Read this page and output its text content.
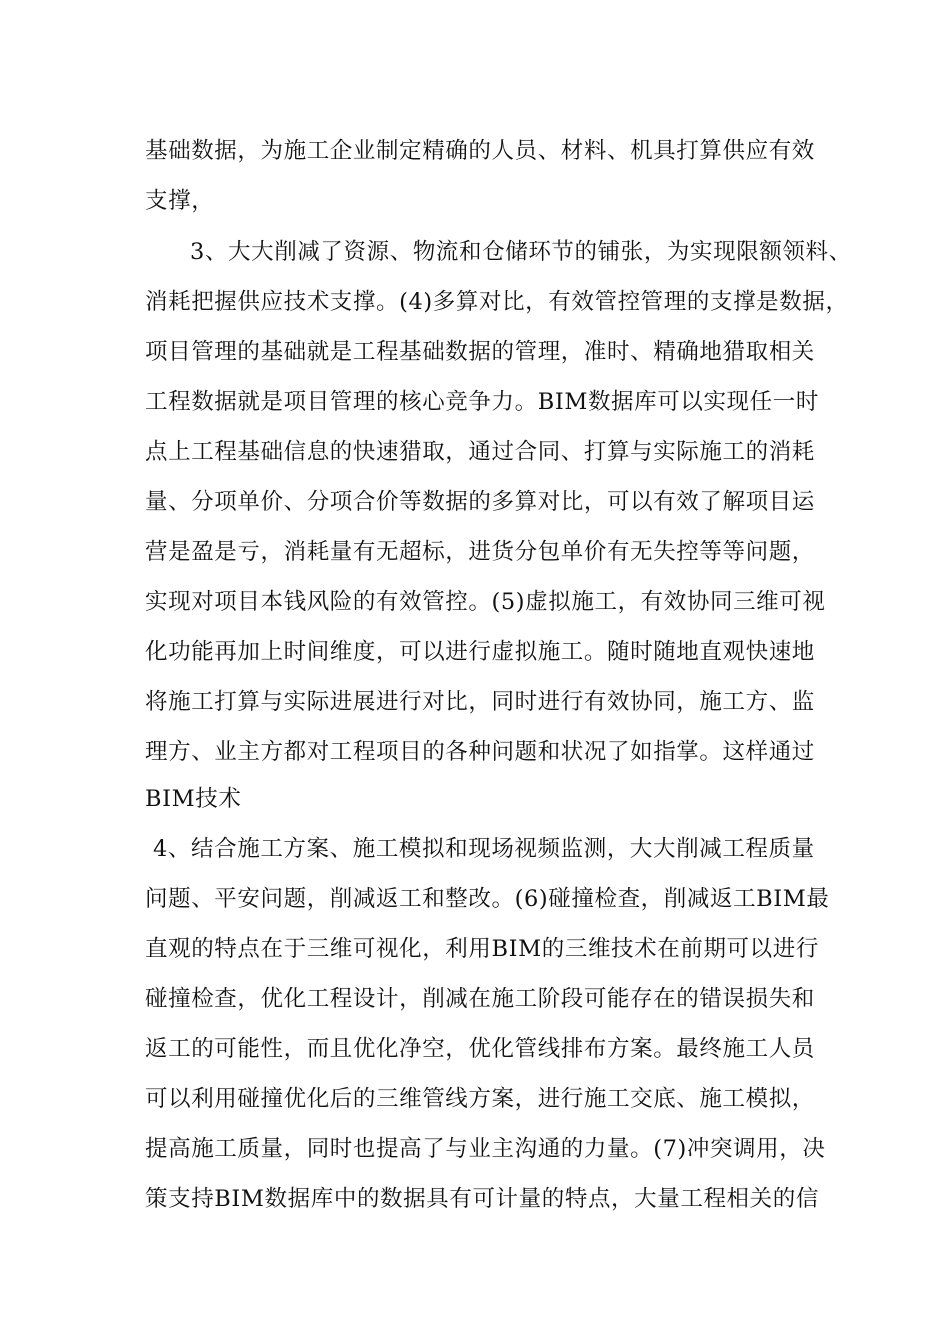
基础数据，为施工企业制定精确的人员、材料、机具打算供应有效
支撑，
3、大大削减了资源、物流和仓储环节的铺张，为实现限额领料、
消耗把握供应技术支撑。(4)多算对比，有效管控管理的支撑是数据，
项目管理的基础就是工程基础数据的管理，准时、精确地猎取相关
工程数据就是项目管理的核心竞争力。BIM数据库可以实现任一时
点上工程基础信息的快速猎取，通过合同、打算与实际施工的消耗
量、分项单价、分项合价等数据的多算对比，可以有效了解项目运
营是盈是亏，消耗量有无超标，进货分包单价有无失控等等问题，
实现对项目本钱风险的有效管控。(5)虚拟施工，有效协同三维可视
化功能再加上时间维度，可以进行虚拟施工。随时随地直观快速地
将施工打算与实际进展进行对比，同时进行有效协同，施工方、监
理方、业主方都对工程项目的各种问题和状况了如指掌。这样通过
BIM技术
4、结合施工方案、施工模拟和现场视频监测，大大削减工程质量
问题、平安问题，削减返工和整改。(6)碰撞检查，削减返工BIM最
直观的特点在于三维可视化，利用BIM的三维技术在前期可以进行
碰撞检查，优化工程设计，削减在施工阶段可能存在的错误损失和
返工的可能性，而且优化净空，优化管线排布方案。最终施工人员
可以利用碰撞优化后的三维管线方案，进行施工交底、施工模拟，
提高施工质量，同时也提高了与业主沟通的力量。(7)冲突调用，决
策支持BIM数据库中的数据具有可计量的特点，大量工程相关的信
